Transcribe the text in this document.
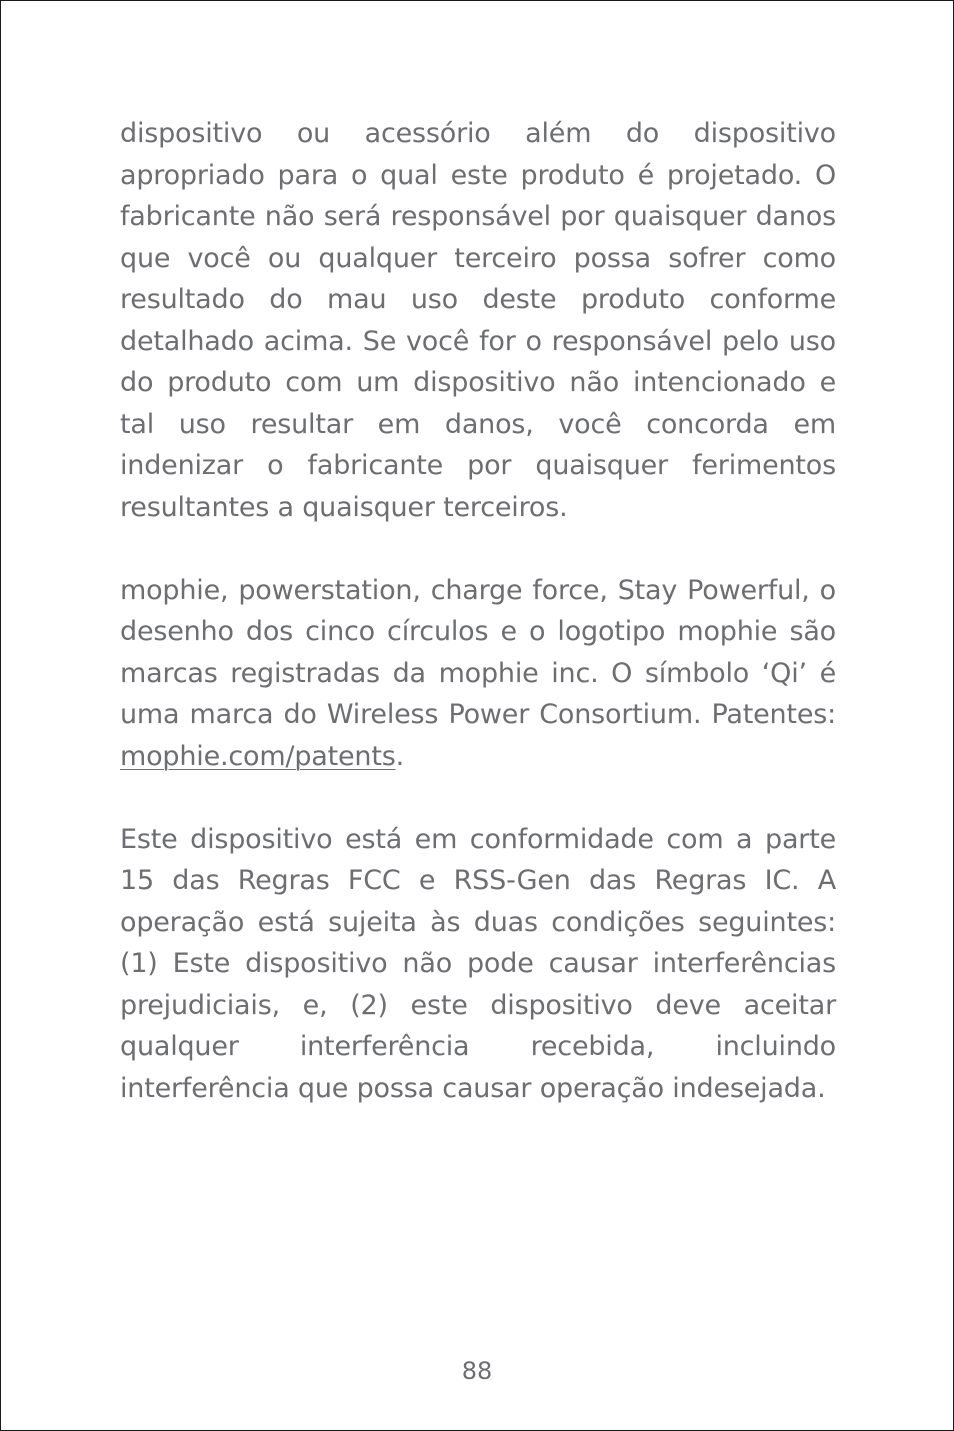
dispositivo ou acessório além do dispositivo apropriado para o qual este produto é projetado. O fabricante não será responsável por quaisquer danos que você ou qualquer terceiro possa sofrer como resultado do mau uso deste produto conforme detalhado acima. Se você for o responsável pelo uso do produto com um dispositivo não intencionado e tal uso resultar em danos, você concorda em indenizar o fabricante por quaisquer ferimentos resultantes a quaisquer terceiros.

mophie, powerstation, charge force, Stay Powerful, o desenho dos cinco círculos e o logotipo mophie são marcas registradas da mophie inc. O símbolo ‘Qi’ é uma marca do Wireless Power Consortium. Patentes: mophie.com/patents.

Este dispositivo está em conformidade com a parte 15 das Regras FCC e RSS-Gen das Regras IC. A operação está sujeita às duas condições seguintes: (1) Este dispositivo não pode causar interferências prejudiciais, e, (2) este dispositivo deve aceitar qualquer interferência recebida, incluindo interferência que possa causar operação indesejada.

88
